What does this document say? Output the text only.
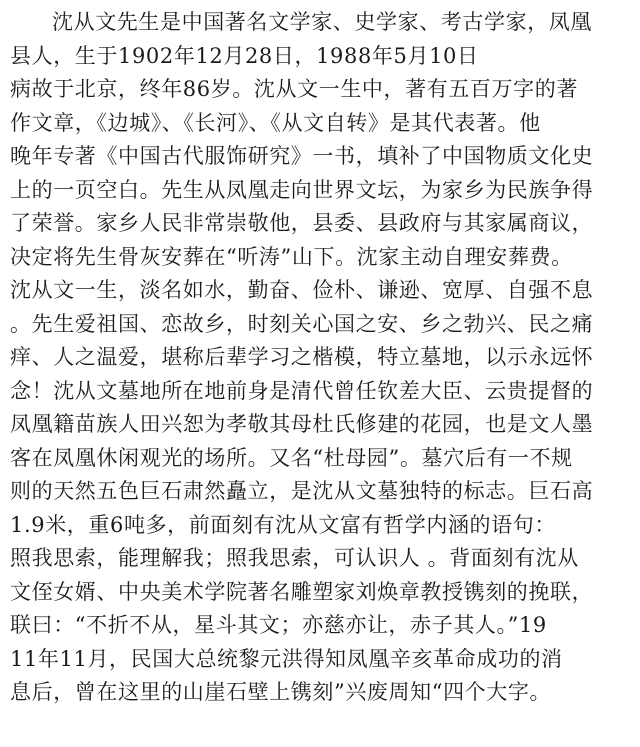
沈从文先生是中国著名文学家、史学家、考古学家，凤凰
县人，生于1902年12月28日，1988年5月10日
病故于北京，终年86岁。沈从文一生中，著有五百万字的著
作文章，《边城》、《长河》、《从文自转》是其代表著。他
晚年专著《中国古代服饰研究》一书，填补了中国物质文化史
上的一页空白。先生从凤凰走向世界文坛，为家乡为民族争得
了荣誉。家乡人民非常崇敬他，县委、县政府与其家属商议，
决定将先生骨灰安葬在“听涛”山下。沈家主动自理安葬费。
沈从文一生，淡名如水，勤奋、俭朴、谦逊、宽厚、自强不息
。先生爱祖国、恋故乡，时刻关心国之安、乡之勃兴、民之痛
痒、人之温爱，堪称后辈学习之楷模，特立墓地，以示永远怀
念！沈从文墓地所在地前身是清代曾任钦差大臣、云贵提督的
凤凰籍苗族人田兴恕为孝敬其母杜氏修建的花园，也是文人墨
客在凤凰休闲观光的场所。又名“杜母园”。墓穴后有一不规
则的天然五色巨石肃然矗立，是沈从文墓独特的标志。巨石高
1.9米，重6吨多，前面刻有沈从文富有哲学内涵的语句：
照我思索，能理解我；照我思索，可认识人 。背面刻有沈从
文侄女婿、中央美术学院著名雕塑家刘焕章教授镌刻的挽联，
联曰：“不折不从，星斗其文；亦慈亦让，赤子其人。”19
11年11月，民国大总统黎元洪得知凤凰辛亥革命成功的消
息后，曾在这里的山崖石壁上镌刻”兴废周知“四个大字。
